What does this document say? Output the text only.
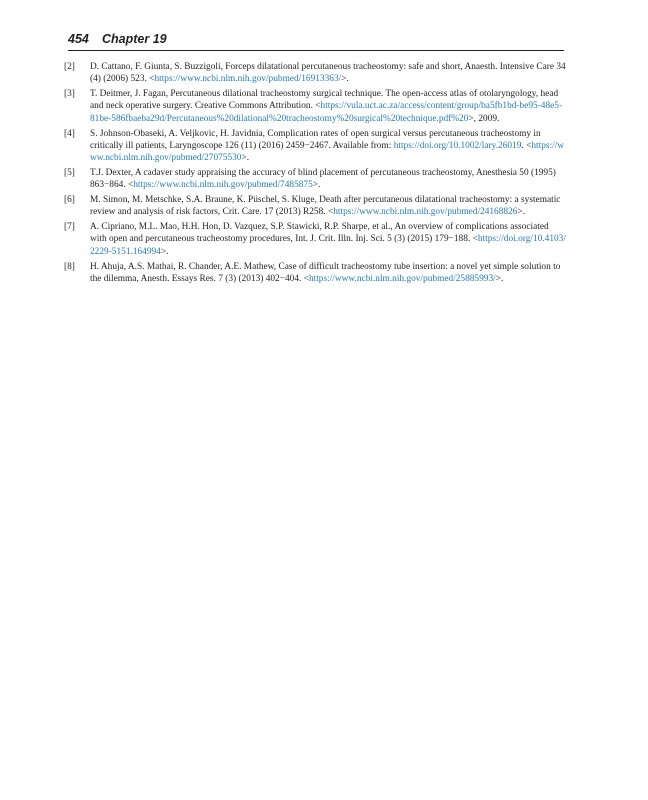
454 Chapter 19
[2] D. Cattano, F. Giunta, S. Buzzigoli, Forceps dilatational percutaneous tracheostomy: safe and short, Anaesth. Intensive Care 34 (4) (2006) 523. <https://www.ncbi.nlm.nih.gov/pubmed/16913363/>.
[3] T. Deitmer, J. Fagan, Percutaneous dilational tracheostomy surgical technique. The open-access atlas of otolaryngology, head and neck operative surgery. Creative Commons Attribution. <https://vula.uct.ac.za/access/content/group/ba5fb1bd-be95-48e5-81be-586fbaeba29d/Percutaneous%20dilational%20tracheostomy%20surgical%20technique.pdf%20>, 2009.
[4] S. Johnson-Obaseki, A. Veljkovic, H. Javidnia, Complication rates of open surgical versus percutaneous tracheostomy in critically ill patients, Laryngoscope 126 (11) (2016) 2459−2467. Available from: https://doi.org/10.1002/lary.26019. <https://www.ncbi.nlm.nih.gov/pubmed/27075530>.
[5] T.J. Dexter, A cadaver study appraising the accuracy of blind placement of percutaneous tracheostomy, Anesthesia 50 (1995) 863−864. <https://www.ncbi.nlm.nih.gov/pubmed/7485875>.
[6] M. Simon, M. Metschke, S.A. Braune, K. Püschel, S. Kluge, Death after percutaneous dilatational tracheostomy: a systematic review and analysis of risk factors, Crit. Care. 17 (2013) R258. <https://www.ncbi.nlm.nih.gov/pubmed/24168826>.
[7] A. Cipriano, M.L. Mao, H.H. Hon, D. Vazquez, S.P. Stawicki, R.P. Sharpe, et al., An overview of complications associated with open and percutaneous tracheostomy procedures, Int. J. Crit. Illn. Inj. Sci. 5 (3) (2015) 179−188. <https://doi.org/10.4103/2229-5151.164994>.
[8] H. Ahuja, A.S. Mathai, R. Chander, A.E. Mathew, Case of difficult tracheostomy tube insertion: a novel yet simple solution to the dilemma, Anesth. Essays Res. 7 (3) (2013) 402−404. <https://www.ncbi.nlm.nih.gov/pubmed/25885993/>.
